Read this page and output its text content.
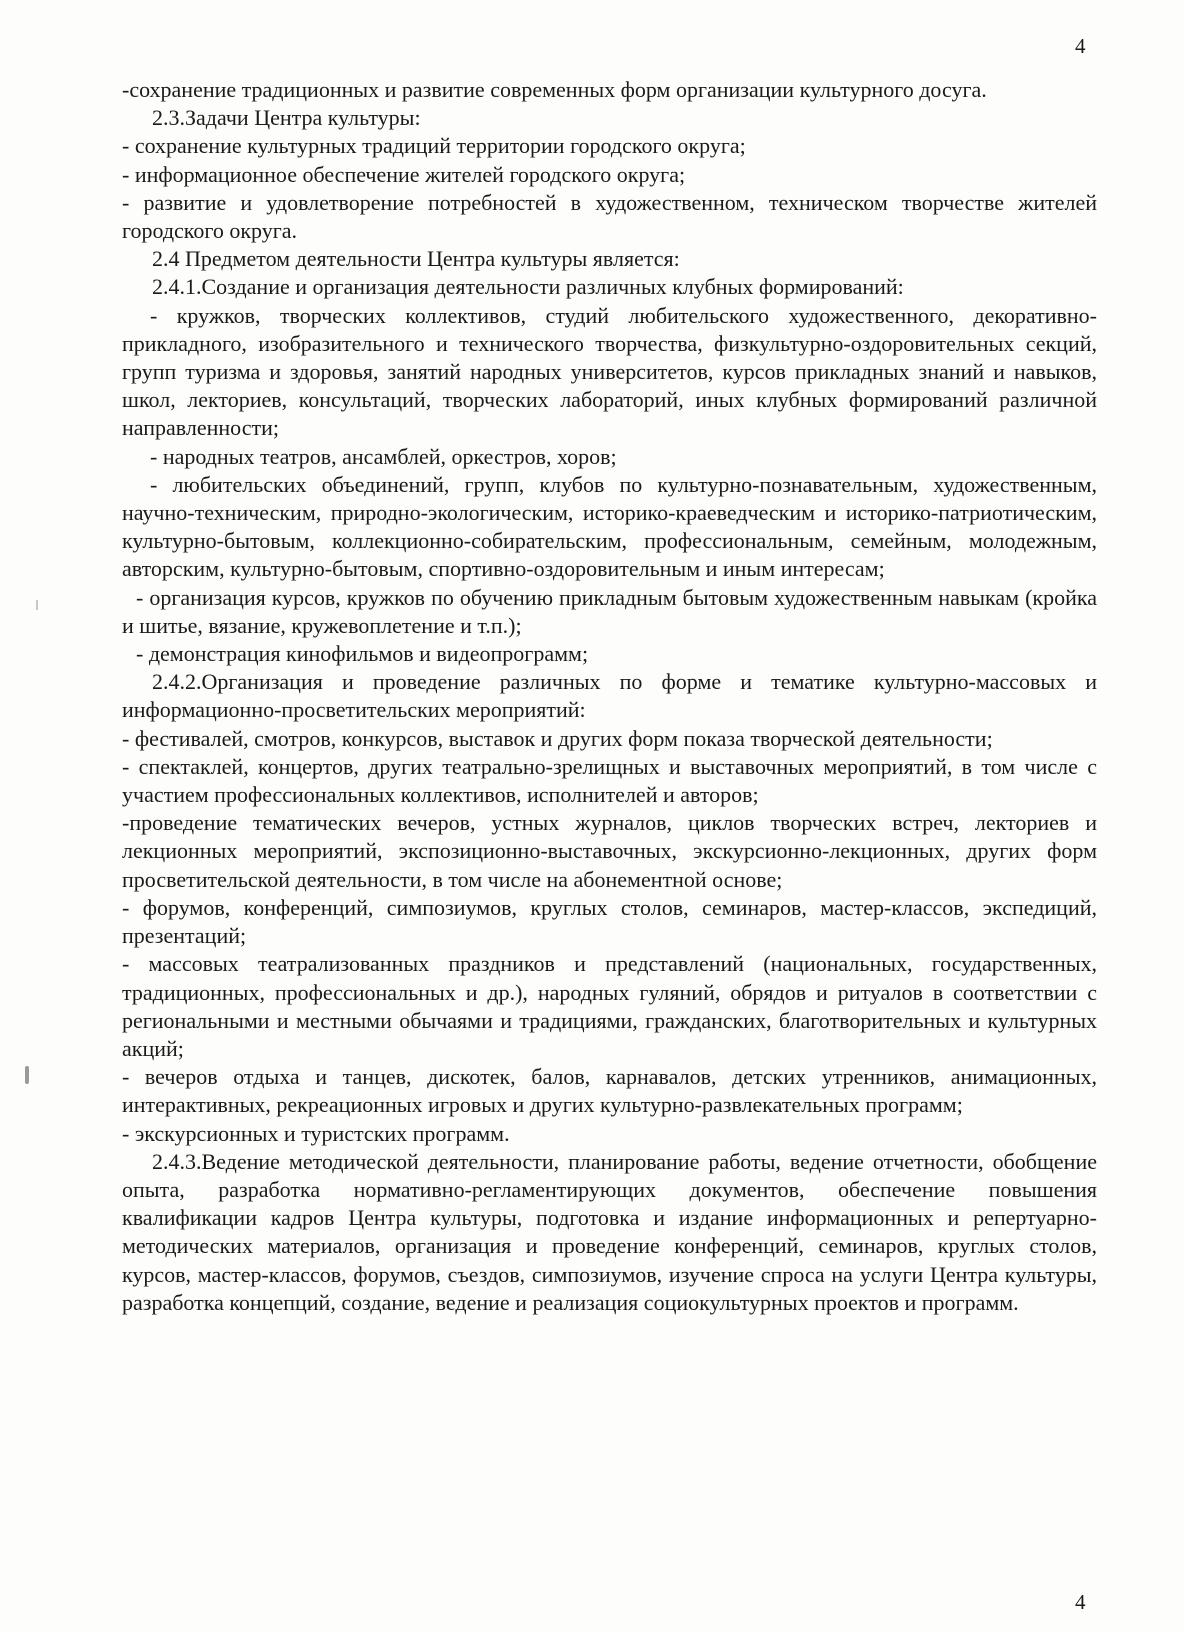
4

-сохранение традиционных и развитие современных форм организации культурного досуга.

2.3.Задачи Центра культуры:

- сохранение культурных традиций территории городского округа;

- информационное обеспечение жителей городского округа;

- развитие и удовлетворение потребностей в художественном, техническом творчестве жителей городского округа.

2.4 Предметом деятельности Центра культуры является:

2.4.1.Создание и организация деятельности различных клубных формирований:

- кружков, творческих коллективов, студий любительского художественного, декоративно-прикладного, изобразительного и технического творчества, физкультурно-оздоровительных секций, групп туризма и здоровья, занятий народных университетов, курсов прикладных знаний и навыков, школ, лекториев, консультаций, творческих лабораторий, иных клубных формирований различной направленности;

- народных театров, ансамблей, оркестров, хоров;

- любительских объединений, групп, клубов по культурно-познавательным, художественным, научно-техническим, природно-экологическим, историко-краеведческим и историко-патриотическим, культурно-бытовым, коллекционно-собирательским, профессиональным, семейным, молодежным, авторским, культурно-бытовым, спортивно-оздоровительным и иным интересам;

- организация курсов, кружков по обучению прикладным бытовым художественным навыкам (кройка и шитье, вязание, кружевоплетение и т.п.);

- демонстрация кинофильмов и видеопрограмм;

2.4.2.Организация и проведение различных по форме и тематике культурно-массовых и информационно-просветительских мероприятий:

- фестивалей, смотров, конкурсов, выставок и других форм показа творческой деятельности;

- спектаклей, концертов, других театрально-зрелищных и выставочных мероприятий, в том числе с участием профессиональных коллективов, исполнителей и авторов;

-проведение тематических вечеров, устных журналов, циклов творческих встреч, лекториев и лекционных мероприятий, экспозиционно-выставочных, экскурсионно-лекционных, других форм просветительской деятельности, в том числе на абонементной основе;

- форумов, конференций, симпозиумов, круглых столов, семинаров, мастер-классов, экспедиций, презентаций;

- массовых театрализованных праздников и представлений (национальных, государственных, традиционных, профессиональных и др.), народных гуляний, обрядов и ритуалов в соответствии с региональными и местными обычаями и традициями, гражданских, благотворительных и культурных акций;

- вечеров отдыха и танцев, дискотек, балов, карнавалов, детских утренников, анимационных, интерактивных, рекреационных игровых и других культурно-развлекательных программ;

- экскурсионных и туристских программ.

2.4.3.Ведение методической деятельности, планирование работы, ведение отчетности, обобщение опыта, разработка нормативно-регламентирующих документов, обеспечение повышения квалификации кадров Центра культуры, подготовка и издание информационных и репертуарно-методических материалов, организация и проведение конференций, семинаров, круглых столов, курсов, мастер-классов, форумов, съездов, симпозиумов, изучение спроса на услуги Центра культуры, разработка концепций, создание, ведение и реализация социокультурных проектов и программ.

4
